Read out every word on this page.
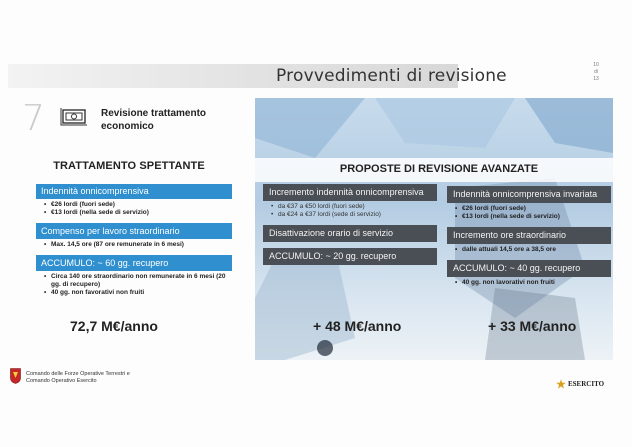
Provvedimenti di revisione
10
di
13
7	Revisione trattamento economico
TRATTAMENTO SPETTANTE
Indennità onnicomprensiva
• €26 lordi (fuori sede)
• €13 lordi (nella sede di servizio)
Compenso per lavoro straordinario
• Max. 14,5 ore (87 ore remunerate in 6 mesi)
ACCUMULO: ~ 60 gg. recupero
• Circa 140 ore straordinario non remunerate in 6 mesi (20 gg. di recupero)
• 40 gg. non favorativi non fruiti
72,7 M€/anno
PROPOSTE DI REVISIONE AVANZATE
Incremento indennità onnicomprensiva
• da €37 a €50 lordi (fuori sede)
• da €24 a €37 lordi (sede di servizio)
Disattivazione orario di servizio
ACCUMULO: ~ 20 gg. recupero
+ 48 M€/anno
Indennità onnicomprensiva invariata
• €26 lordi (fuori sede)
• €13 lordi (nella sede di servizio)
Incremento ore straordinario
• dalle attuali 14,5 ore a 38,5 ore
ACCUMULO: ~ 40 gg. recupero
• 40 gg. non lavorativi non fruiti
+ 33 M€/anno
Comando delle Forze Operative Terrestri e
Comando Operativo Esercito	ESERCITO
